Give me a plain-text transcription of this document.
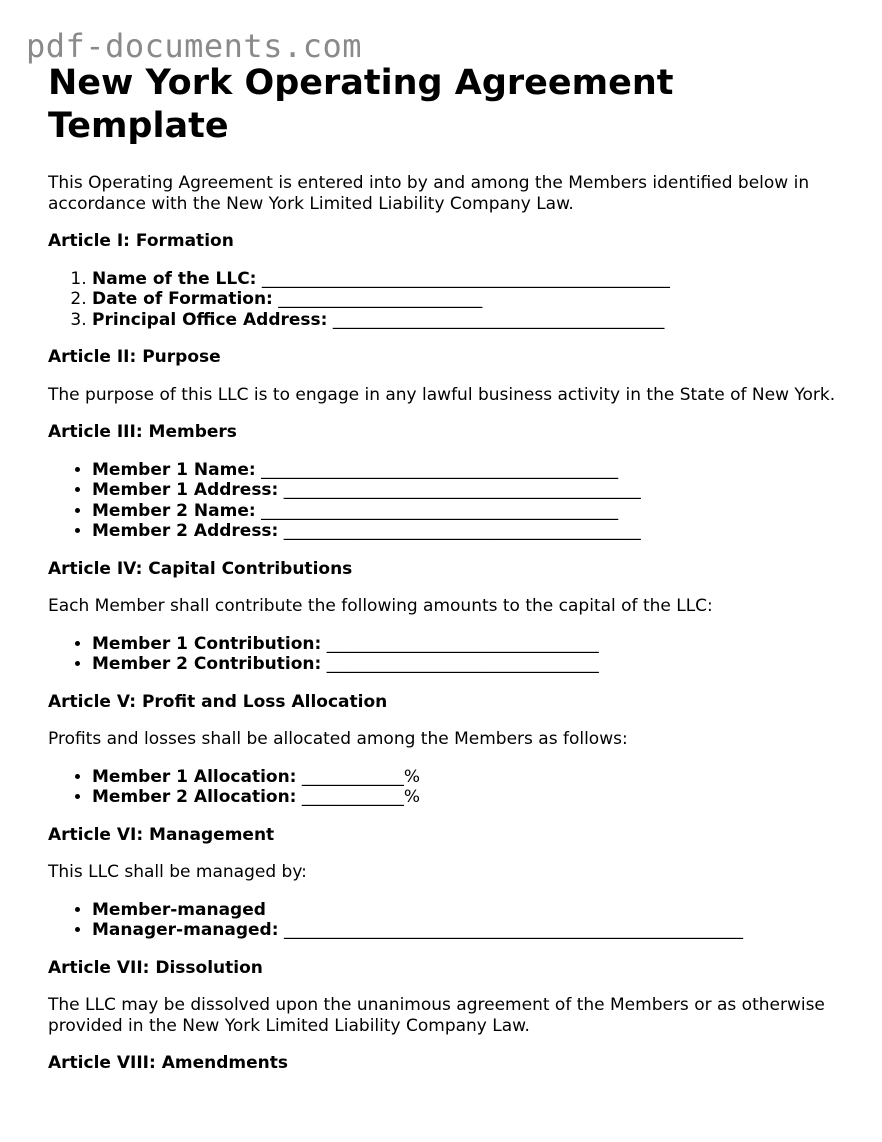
pdf-documents.com
New York Operating Agreement Template

This Operating Agreement is entered into by and among the Members identified below in accordance with the New York Limited Liability Company Law.

Article I: Formation
1. Name of the LLC: ________________________________________________
2. Date of Formation: ________________________
3. Principal Office Address: _______________________________________
Article II: Purpose

The purpose of this LLC is to engage in any lawful business activity in the State of New York.

Article III: Members
• Member 1 Name: __________________________________________
• Member 1 Address: __________________________________________
• Member 2 Name: __________________________________________
• Member 2 Address: __________________________________________
Article IV: Capital Contributions

Each Member shall contribute the following amounts to the capital of the LLC:

• Member 1 Contribution: ________________________________
• Member 2 Contribution: ________________________________
Article V: Profit and Loss Allocation

Profits and losses shall be allocated among the Members as follows:

• Member 1 Allocation: ____________%
• Member 2 Allocation: ____________%
Article VI: Management

This LLC shall be managed by:

• Member-managed
• Manager-managed: ______________________________________________________
Article VII: Dissolution

The LLC may be dissolved upon the unanimous agreement of the Members or as otherwise provided in the New York Limited Liability Company Law.

Article VIII: Amendments
